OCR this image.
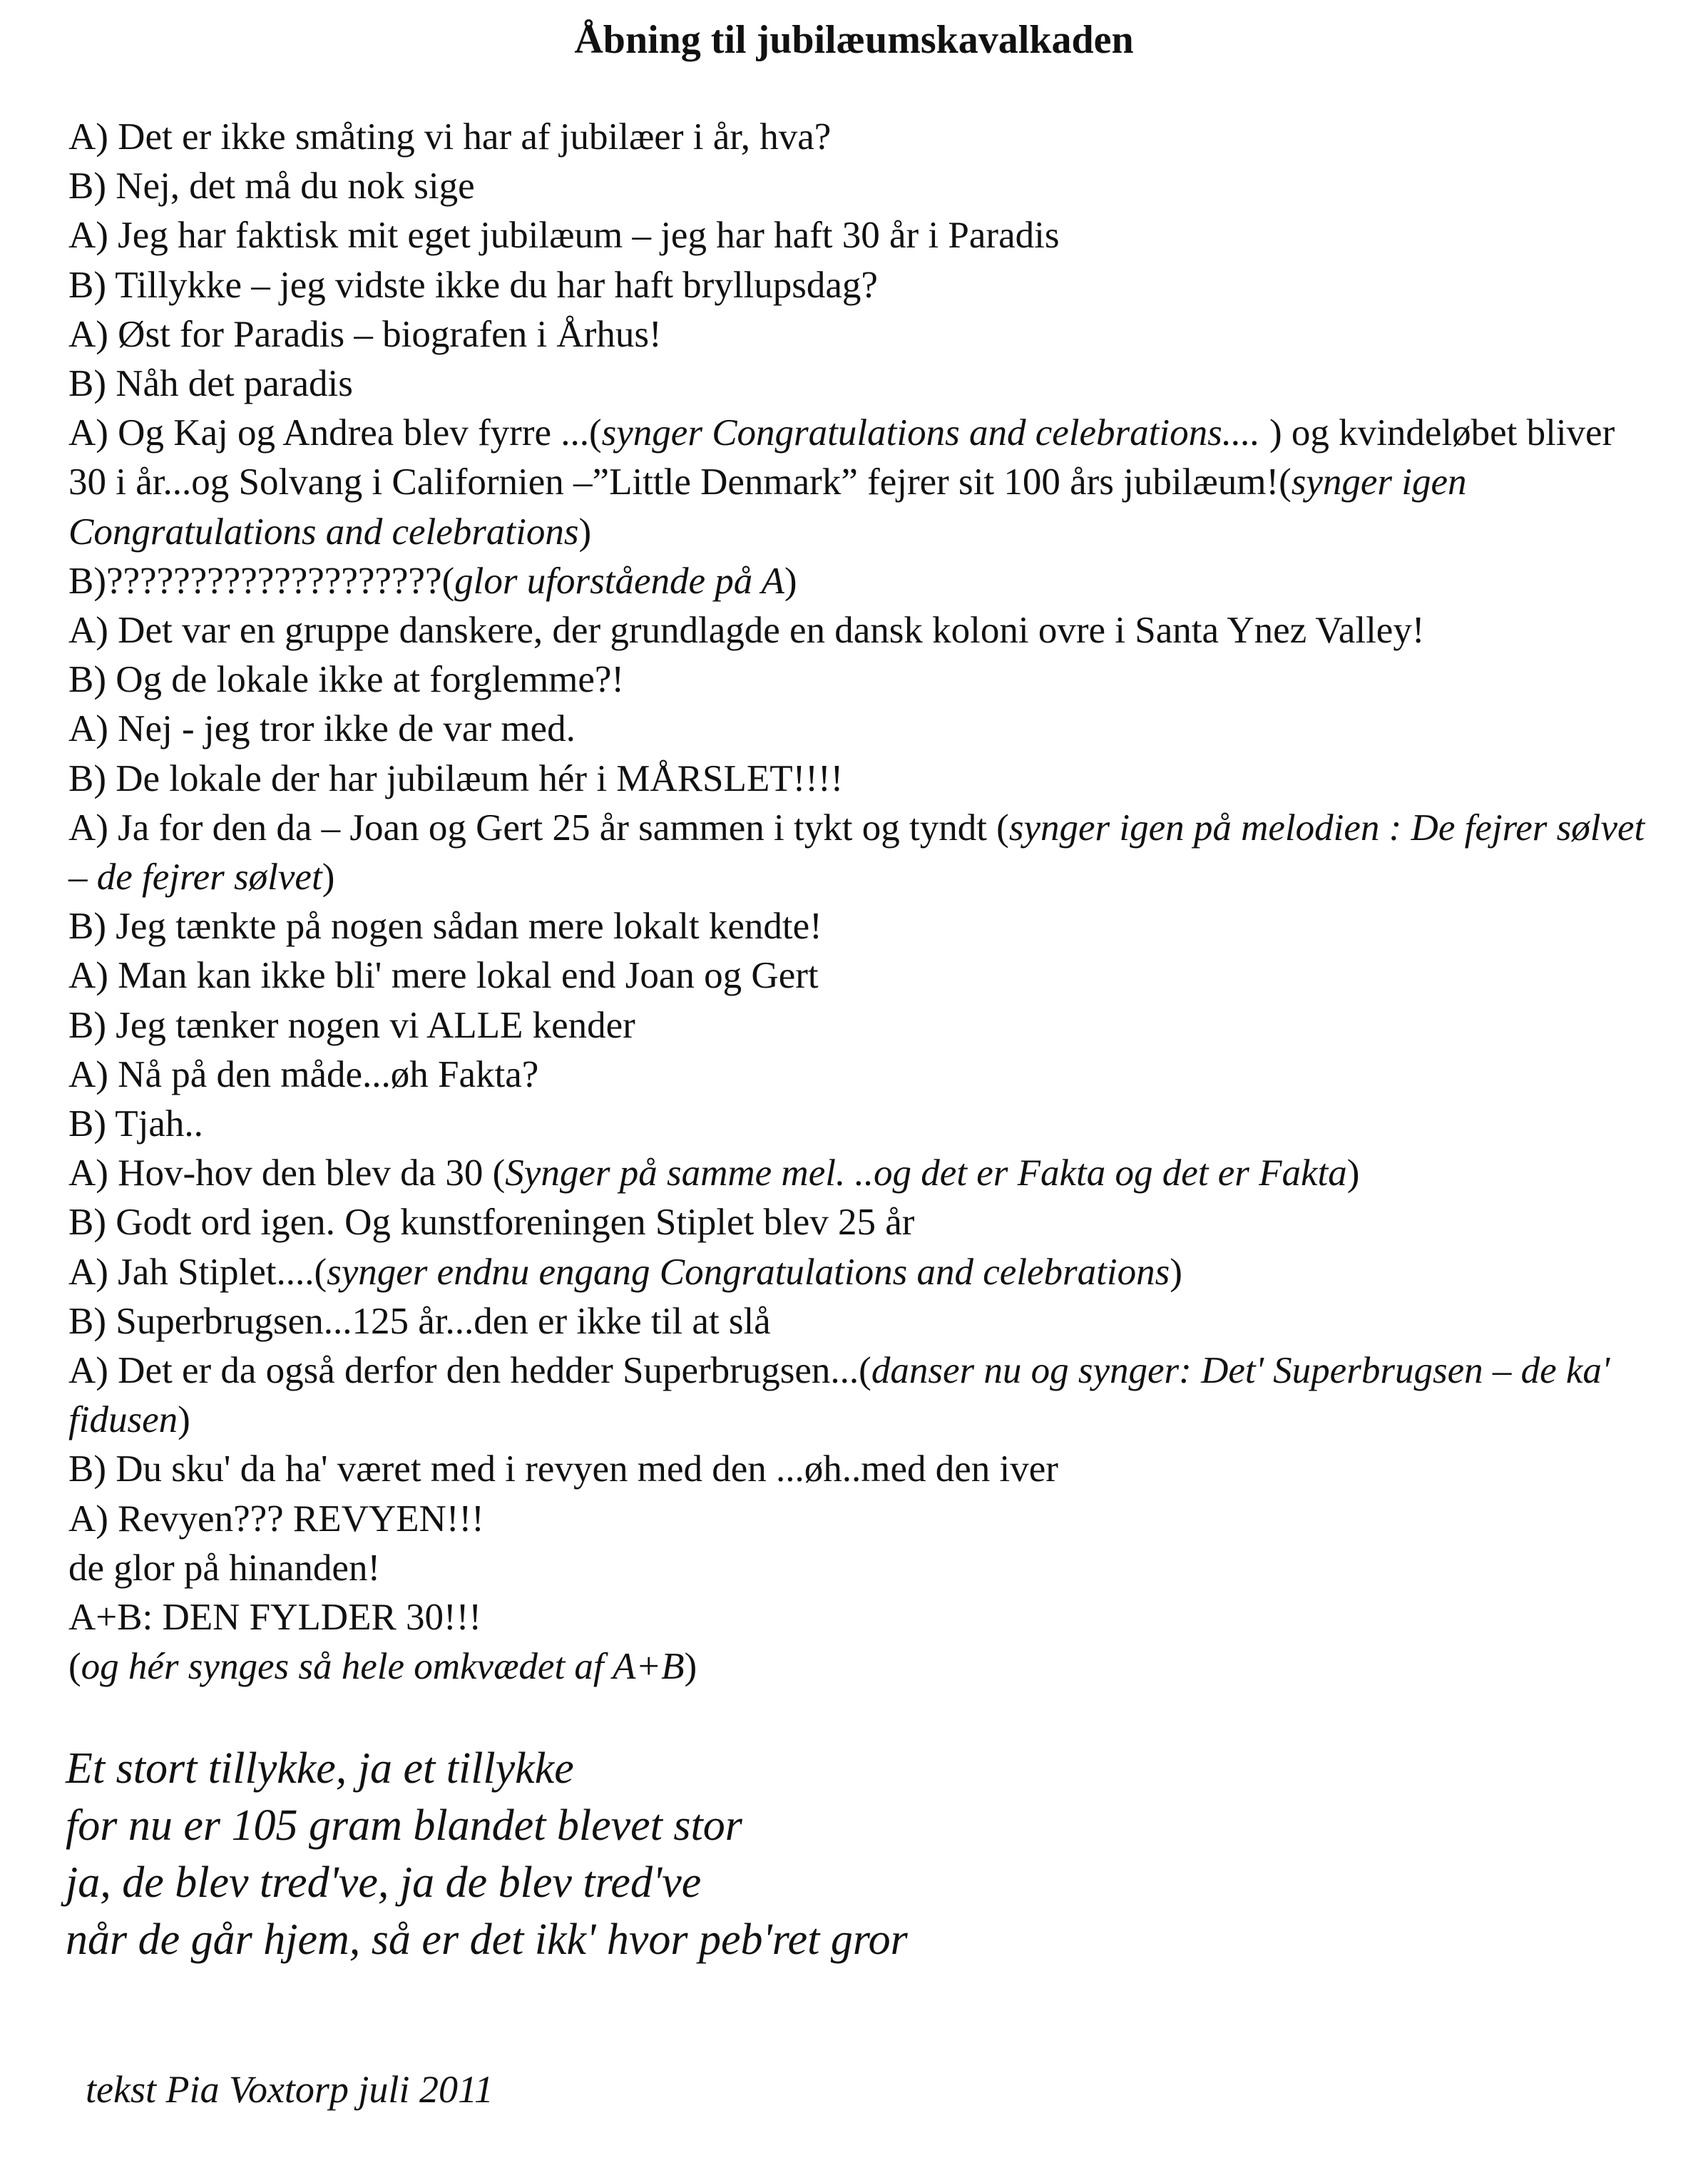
Åbning til jubilæumskavalkaden

A) Det er ikke småting vi har af jubilæer i år, hva?

B) Nej, det må du nok sige

A) Jeg har faktisk mit eget jubilæum – jeg har haft 30 år i Paradis

B) Tillykke – jeg vidste ikke du har haft bryllupsdag?

A) Øst for Paradis – biografen i Århus!

B) Nåh det paradis

A) Og Kaj og Andrea blev fyrre ...(synger Congratulations and celebrations.... ) og kvindeløbet bliver 30 i år...og Solvang i Californien –”Little Denmark” fejrer sit 100 års jubilæum!(synger igen Congratulations and celebrations)

B)????????????????????(glor uforstående på A)

A) Det var en gruppe danskere, der grundlagde en dansk koloni ovre i Santa Ynez Valley!

B) Og de lokale ikke at forglemme?!

A) Nej - jeg tror ikke de var med.

B) De lokale der har jubilæum hér i MÅRSLET!!!!

A) Ja for den da – Joan og Gert 25 år sammen i tykt og tyndt (synger igen på melodien : De fejrer sølvet – de fejrer sølvet)

B) Jeg tænkte på nogen sådan mere lokalt kendte!

A) Man kan ikke bli' mere lokal end Joan og Gert

B) Jeg tænker nogen vi ALLE kender

A) Nå på den måde...øh Fakta?

B) Tjah..

A) Hov-hov den blev da 30 (Synger på samme mel. ..og det er Fakta og det er Fakta)

B) Godt ord igen. Og kunstforeningen Stiplet blev 25 år

A) Jah Stiplet....(synger endnu engang Congratulations and celebrations)

B) Superbrugsen...125 år...den er ikke til at slå

A) Det er da også derfor den hedder Superbrugsen...(danser nu og synger: Det' Superbrugsen – de ka' fidusen)

B) Du sku' da ha' været med i revyen med den ...øh..med den iver

A) Revyen??? REVYEN!!!

de glor på hinanden!

A+B: DEN FYLDER 30!!!

(og hér synges så hele omkvædet af A+B)

Et stort tillykke, ja et tillykke

for nu er 105 gram blandet blevet stor

ja, de blev tred've, ja de blev tred've

når de går hjem, så er det ikk' hvor peb'ret gror

tekst Pia Voxtorp juli 2011
